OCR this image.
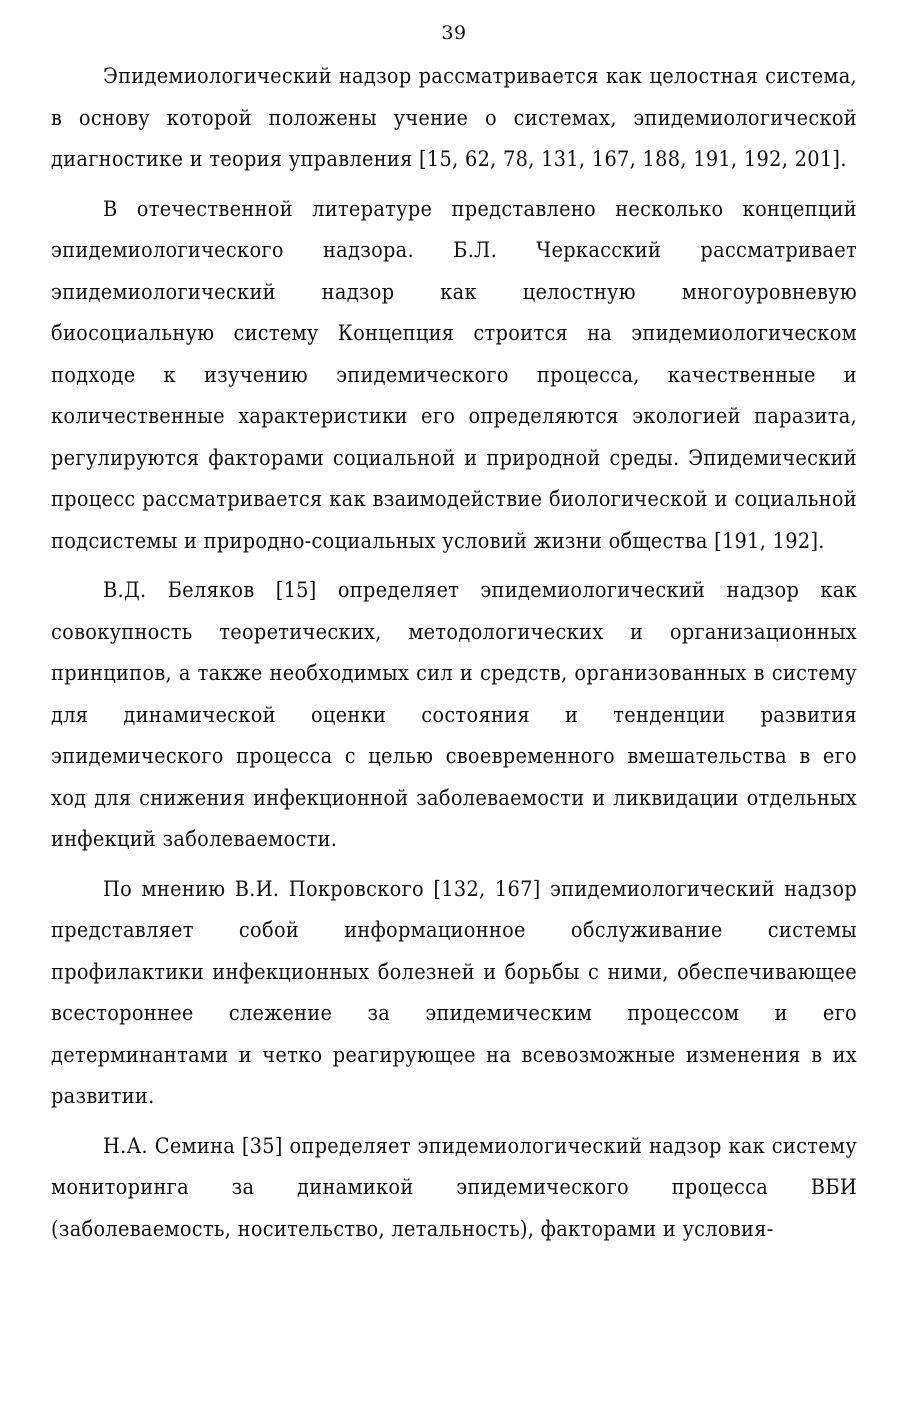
39

Эпидемиологический надзор рассматривается как целостная система, в основу которой положены учение о системах, эпидемиологической диагностике и теория управления [15, 62, 78, 131, 167, 188, 191, 192, 201].

В отечественной литературе представлено несколько концепций эпидемиологического надзора. Б.Л. Черкасский рассматривает эпидемиологический надзор как целостную многоуровневую биосоциальную систему Концепция строится на эпидемиологическом подходе к изучению эпидемического процесса, качественные и количественные характеристики его определяются экологией паразита, регулируются факторами социальной и природной среды. Эпидемический процесс рассматривается как взаимодействие биологической и социальной подсистемы и природно-социальных условий жизни общества [191, 192].

В.Д. Беляков [15] определяет эпидемиологический надзор как совокупность теоретических, методологических и организационных принципов, а также необходимых сил и средств, организованных в систему для динамической оценки состояния и тенденции развития эпидемического процесса с целью своевременного вмешательства в его ход для снижения инфекционной заболеваемости и ликвидации отдельных инфекций заболеваемости.

По мнению В.И. Покровского [132, 167] эпидемиологический надзор представляет собой информационное обслуживание системы профилактики инфекционных болезней и борьбы с ними, обеспечивающее всестороннее слежение за эпидемическим процессом и его детерминантами и четко реагирующее на всевозможные изменения в их развитии.

Н.А. Семина [35] определяет эпидемиологический надзор как систему мониторинга за динамикой эпидемического процесса ВБИ (заболеваемость, носительство, летальность), факторами и условия-
